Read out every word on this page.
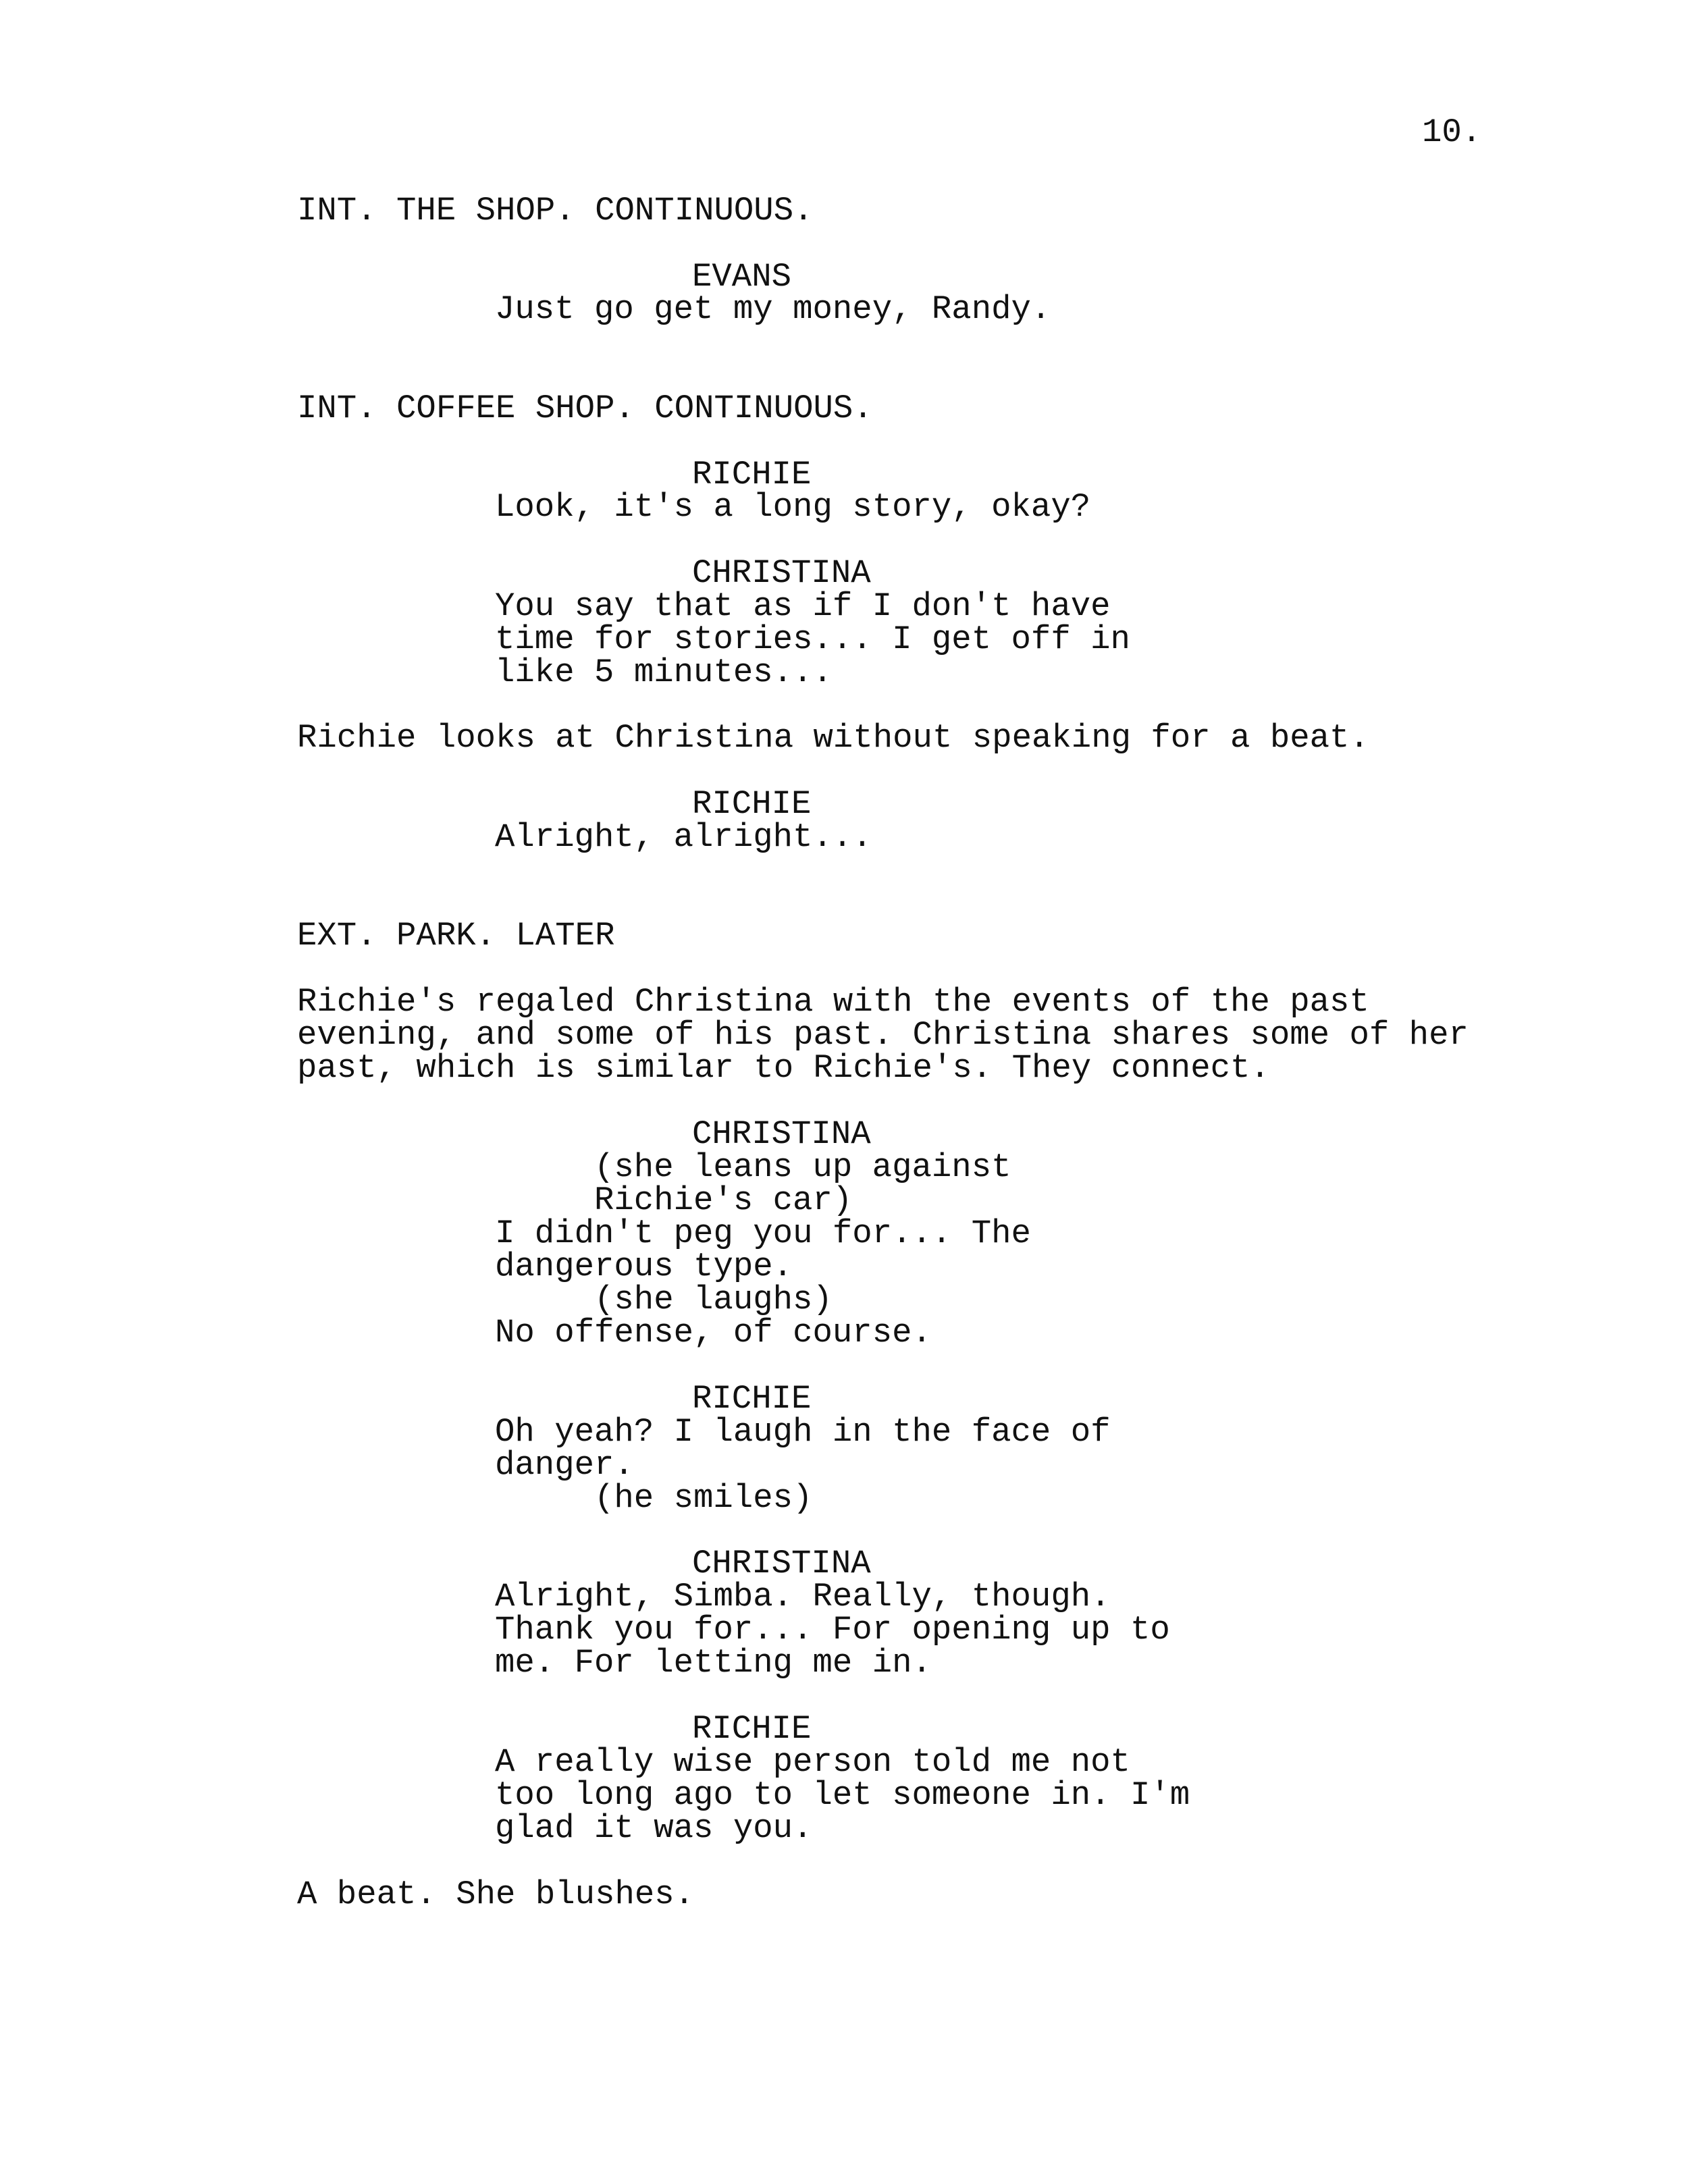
10.
INT. THE SHOP. CONTINUOUS.
EVANS
Just go get my money, Randy.
INT. COFFEE SHOP. CONTINUOUS.
RICHIE
Look, it's a long story, okay?
CHRISTINA
You say that as if I don't have
time for stories... I get off in
like 5 minutes...
Richie looks at Christina without speaking for a beat.
RICHIE
Alright, alright...
EXT. PARK. LATER
Richie's regaled Christina with the events of the past
evening, and some of his past. Christina shares some of her
past, which is similar to Richie's. They connect.
CHRISTINA
(she leans up against
Richie's car)
I didn't peg you for... The
dangerous type.
(she laughs)
No offense, of course.
RICHIE
Oh yeah? I laugh in the face of
danger.
(he smiles)
CHRISTINA
Alright, Simba. Really, though.
Thank you for... For opening up to
me. For letting me in.
RICHIE
A really wise person told me not
too long ago to let someone in. I'm
glad it was you.
A beat. She blushes.
